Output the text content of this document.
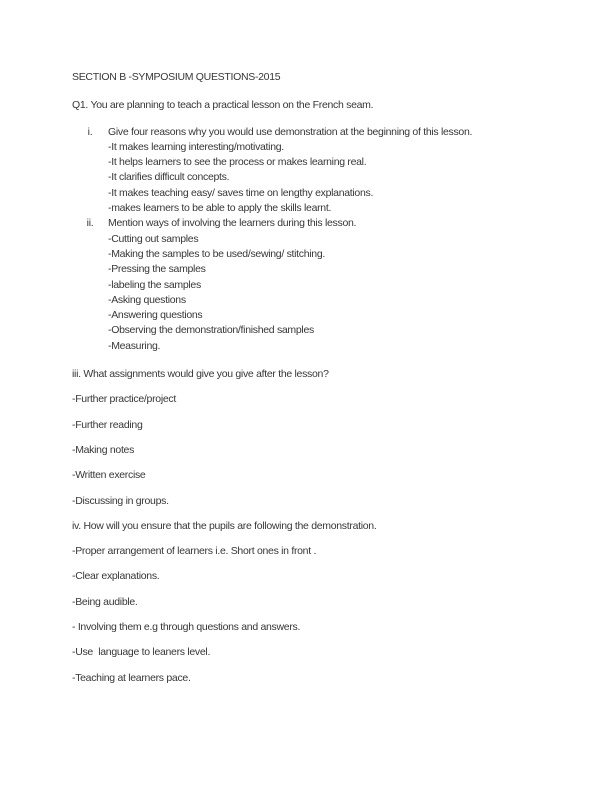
SECTION B -SYMPOSIUM QUESTIONS-2015

Q1. You are planning to teach a practical lesson on the French seam.

i.	Give four reasons why you would use demonstration at the beginning of this lesson.

-It makes learning interesting/motivating.

-It helps learners to see the process or makes learning real.

-It clarifies difficult concepts.

-It makes teaching easy/ saves time on lengthy explanations.

-makes learners to be able to apply the skills learnt.

ii.	Mention ways of involving the learners during this lesson.

-Cutting out samples

-Making the samples to be used/sewing/ stitching.

-Pressing the samples

-labeling the samples

-Asking questions

-Answering questions

-Observing the demonstration/finished samples

-Measuring.

iii. What assignments would give you give after the lesson?

-Further practice/project

-Further reading

-Making notes

-Written exercise

-Discussing in groups.

iv. How will you ensure that the pupils are following the demonstration.

-Proper arrangement of learners i.e. Short ones in front .

-Clear explanations.

-Being audible.

- Involving them e.g through questions and answers.

-Use  language to leaners level.

-Teaching at learners pace.
